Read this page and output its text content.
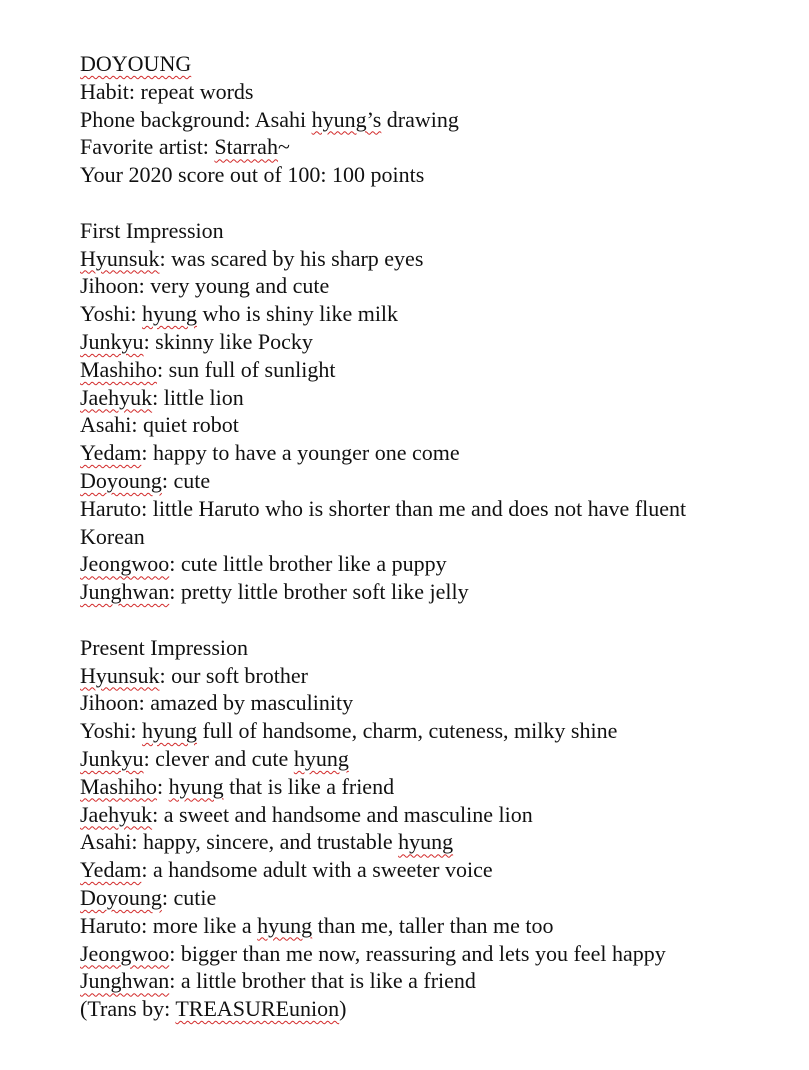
DOYOUNG
Habit: repeat words
Phone background: Asahi hyung’s drawing
Favorite artist: Starrah~
Your 2020 score out of 100: 100 points
First Impression
Hyunsuk: was scared by his sharp eyes
Jihoon: very young and cute
Yoshi: hyung who is shiny like milk
Junkyu: skinny like Pocky
Mashiho: sun full of sunlight
Jaehyuk: little lion
Asahi: quiet robot
Yedam: happy to have a younger one come
Doyoung: cute
Haruto: little Haruto who is shorter than me and does not have fluent
Korean
Jeongwoo: cute little brother like a puppy
Junghwan: pretty little brother soft like jelly
Present Impression
Hyunsuk: our soft brother
Jihoon: amazed by masculinity
Yoshi: hyung full of handsome, charm, cuteness, milky shine
Junkyu: clever and cute hyung
Mashiho: hyung that is like a friend
Jaehyuk: a sweet and handsome and masculine lion
Asahi: happy, sincere, and trustable hyung
Yedam: a handsome adult with a sweeter voice
Doyoung: cutie
Haruto: more like a hyung than me, taller than me too
Jeongwoo: bigger than me now, reassuring and lets you feel happy
Junghwan: a little brother that is like a friend
(Trans by: TREASUREunion)
